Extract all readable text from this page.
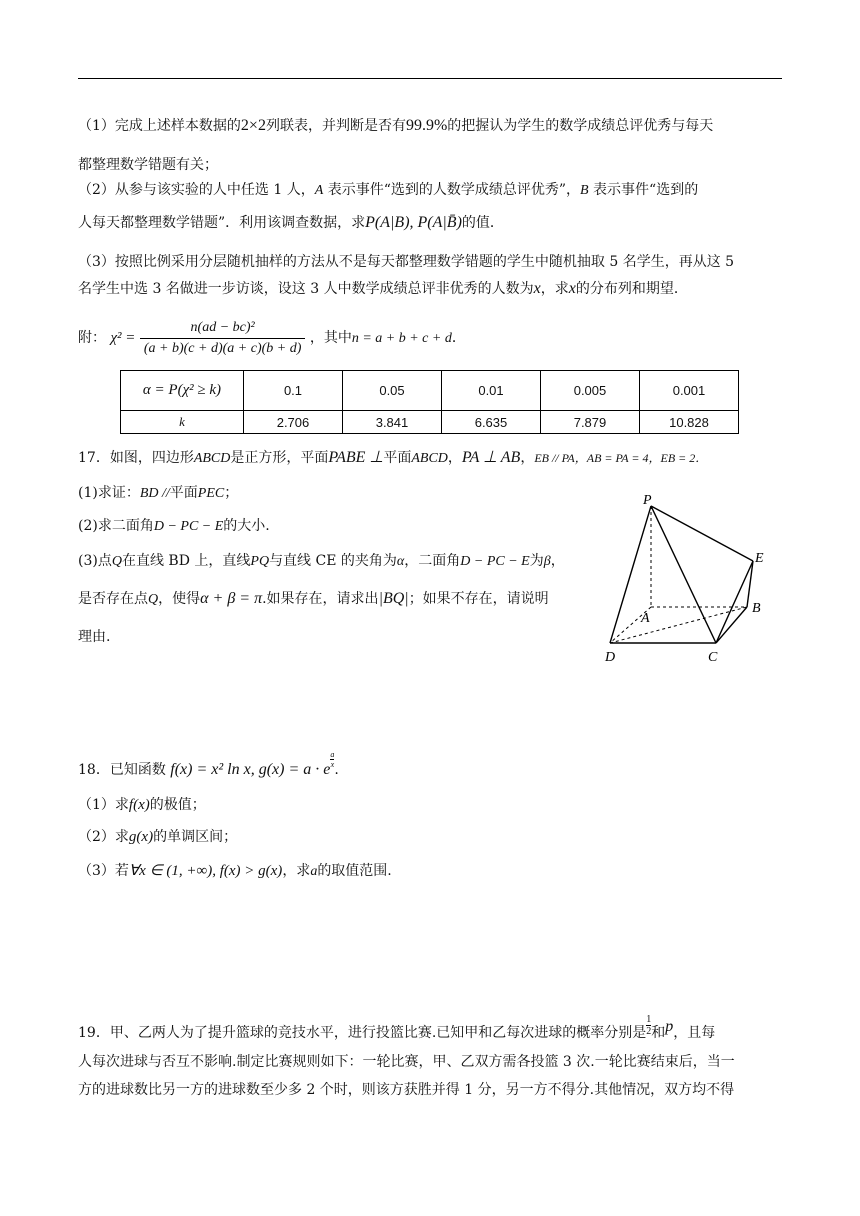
（1）完成上述样本数据的2×2列联表，并判断是否有99.9%的把握认为学生的数学成绩总评优秀与每天
都整理数学错题有关；
（2）从参与该实验的人中任选 1 人，A 表示事件“选到的人数学成绩总评优秀”，B 表示事件“选到的
人每天都整理数学错题”．利用该调查数据，求P(A|B), P(A|B̄)的值．
（3）按照比例采用分层随机抽样的方法从不是每天都整理数学错题的学生中随机抽取 5 名学生，再从这 5
名学生中选 3 名做进一步访谈，设这 3 人中数学成绩总评非优秀的人数为x，求x的分布列和期望．
附： $\chi^2 = \frac{\text{n(ad − bc)²}}{(a + b)(c + d)(a + c)(b + d)}$ ，其中n = a + b + c + d．
α = P(χ² ≥ k)	0.1	0.05	0.01	0.005	0.001
k	2.706	3.841	6.635	7.879	10.828
17．如图，四边形ABCD是正方形，平面PABE ⊥平面ABCD，PA ⊥ AB，EB // PA，AB = PA = 4，EB = 2．
(1)求证：BD //平面PEC；
(2)求二面角D − PC − E的大小.
(3)点Q在直线 BD 上，直线PQ与直线 CE 的夹角为α，二面角D − PC − E为β，
是否存在点Q，使得α + β = π.如果存在，请求出|BQ|；如果不存在，请说明
理由.
P
E
A
B
D	C
18．已知函数 f(x) = x² ln x, g(x) = a · e
$\frac{a}{x}$
.
（1）求f(x)的极值；
（2）求g(x)的单调区间；
（3）若∀x ∈ (1, +∞), f(x) > g(x)，求a的取值范围.
19．甲、乙两人为了提升篮球的竞技水平，进行投篮比赛.已知甲和乙每次进球的概率分别是 $\frac{1}{2}$ 和p，且每
人每次进球与否互不影响.制定比赛规则如下：一轮比赛，甲、乙双方需各投篮 3 次.一轮比赛结束后，当一
方的进球数比另一方的进球数至少多 2 个时，则该方获胜并得 1 分，另一方不得分.其他情况，双方均不得
